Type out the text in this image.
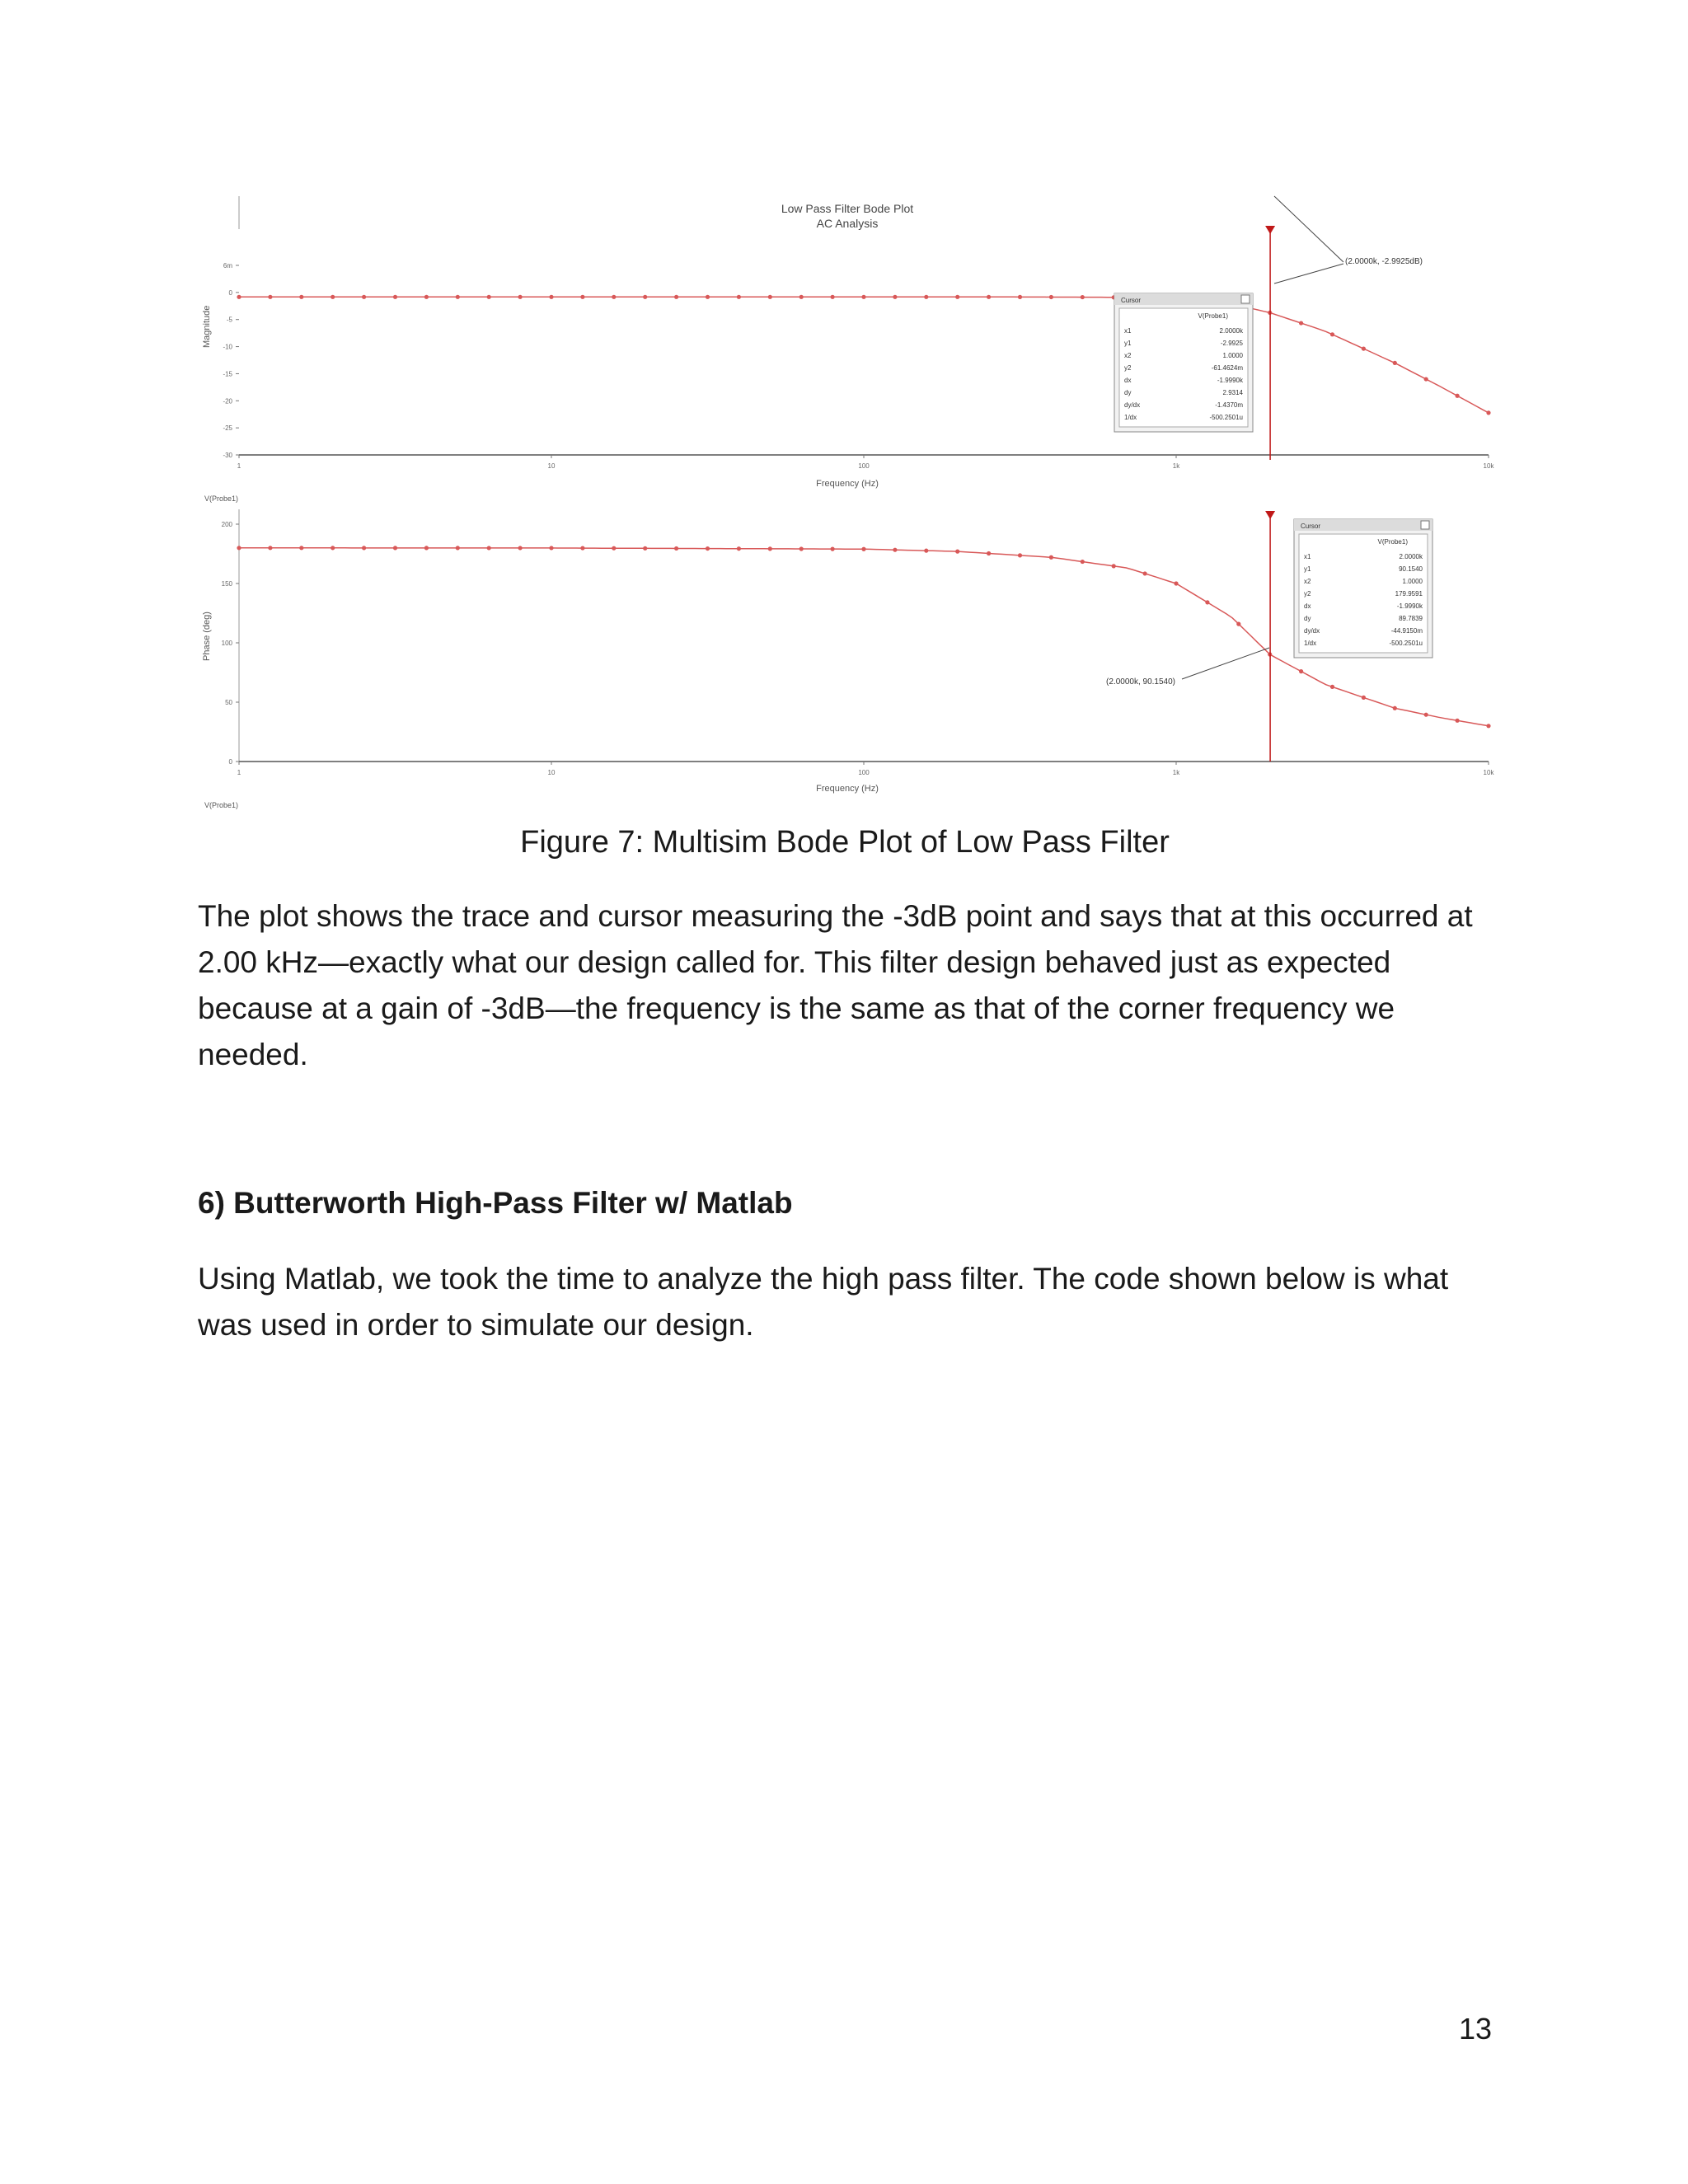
Low Pass Filter Bode Plot
AC Analysis
Magnitude
Frequency (Hz)
V(Probe1)
Phase (deg)
Frequency (Hz)
V(Probe1)
6m
0
-5
-10
-15
-20
-25
-30
1	10	100	1k	10k
200
150
100
50
0
1	10	100	1k	10k
(2.0000k, -2.9925dB)
(2.0000k, 90.1540)
Cursor
V(Probe1)
x1	2.0000k
y1	-2.9925
x2	1.0000
y2	-61.4624m
dx	-1.9990k
dy	2.9314
dy/dx	-1.4370m
1/dx	-500.2501u
Cursor
V(Probe1)
x1	2.0000k
y1	90.1540
x2	1.0000
y2	179.9591
dx	-1.9990k
dy	89.7839
dy/dx	-44.9150m
1/dx	-500.2501u
Figure 7: Multisim Bode Plot of Low Pass Filter

The plot shows the trace and cursor measuring the -3dB point and says that at this occurred at 2.00 kHz—exactly what our design called for. This filter design behaved just as expected because at a gain of -3dB—the frequency is the same as that of the corner frequency we needed.

6) Butterworth High-Pass Filter w/ Matlab

Using Matlab, we took the time to analyze the high pass filter. The code shown below is what was used in order to simulate our design.

13
